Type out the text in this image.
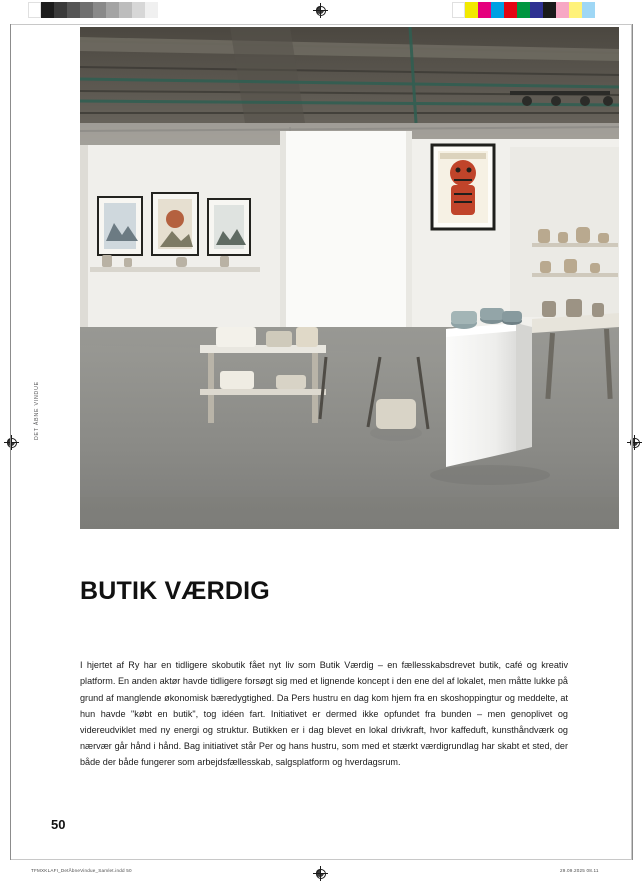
DET ÅBNE VINDUE
BUTIK VÆRDIG

I hjertet af Ry har en tidligere skobutik fået nyt liv som Butik Værdig – en fællesskabsdrevet butik, café og kreativ platform. En anden aktør havde tidligere forsøgt sig med et lignende koncept i den ene del af lokalet, men måtte lukke på grund af manglende økonomisk bæredygtighed. Da Pers hustru en dag kom hjem fra en skoshoppingtur og meddelte, at hun havde "købt en butik", tog idéen fart. Initiativet er dermed ikke opfundet fra bunden – men genoplivet og videreudviklet med ny energi og struktur. Butikken er i dag blevet en lokal drivkraft, hvor kaffeduft, kunsthåndværk og nærvær går hånd i hånd. Bag initiativet står Per og hans hustru, som med et stærkt værdigrundlag har skabt et sted, der både der både fungerer som arbejdsfællesskab, salgsplatform og hverdagsrum.

50
TFMXKLAFI_DetÅbneVindue_Samlet.indd 50	29.09.2025 08.11
